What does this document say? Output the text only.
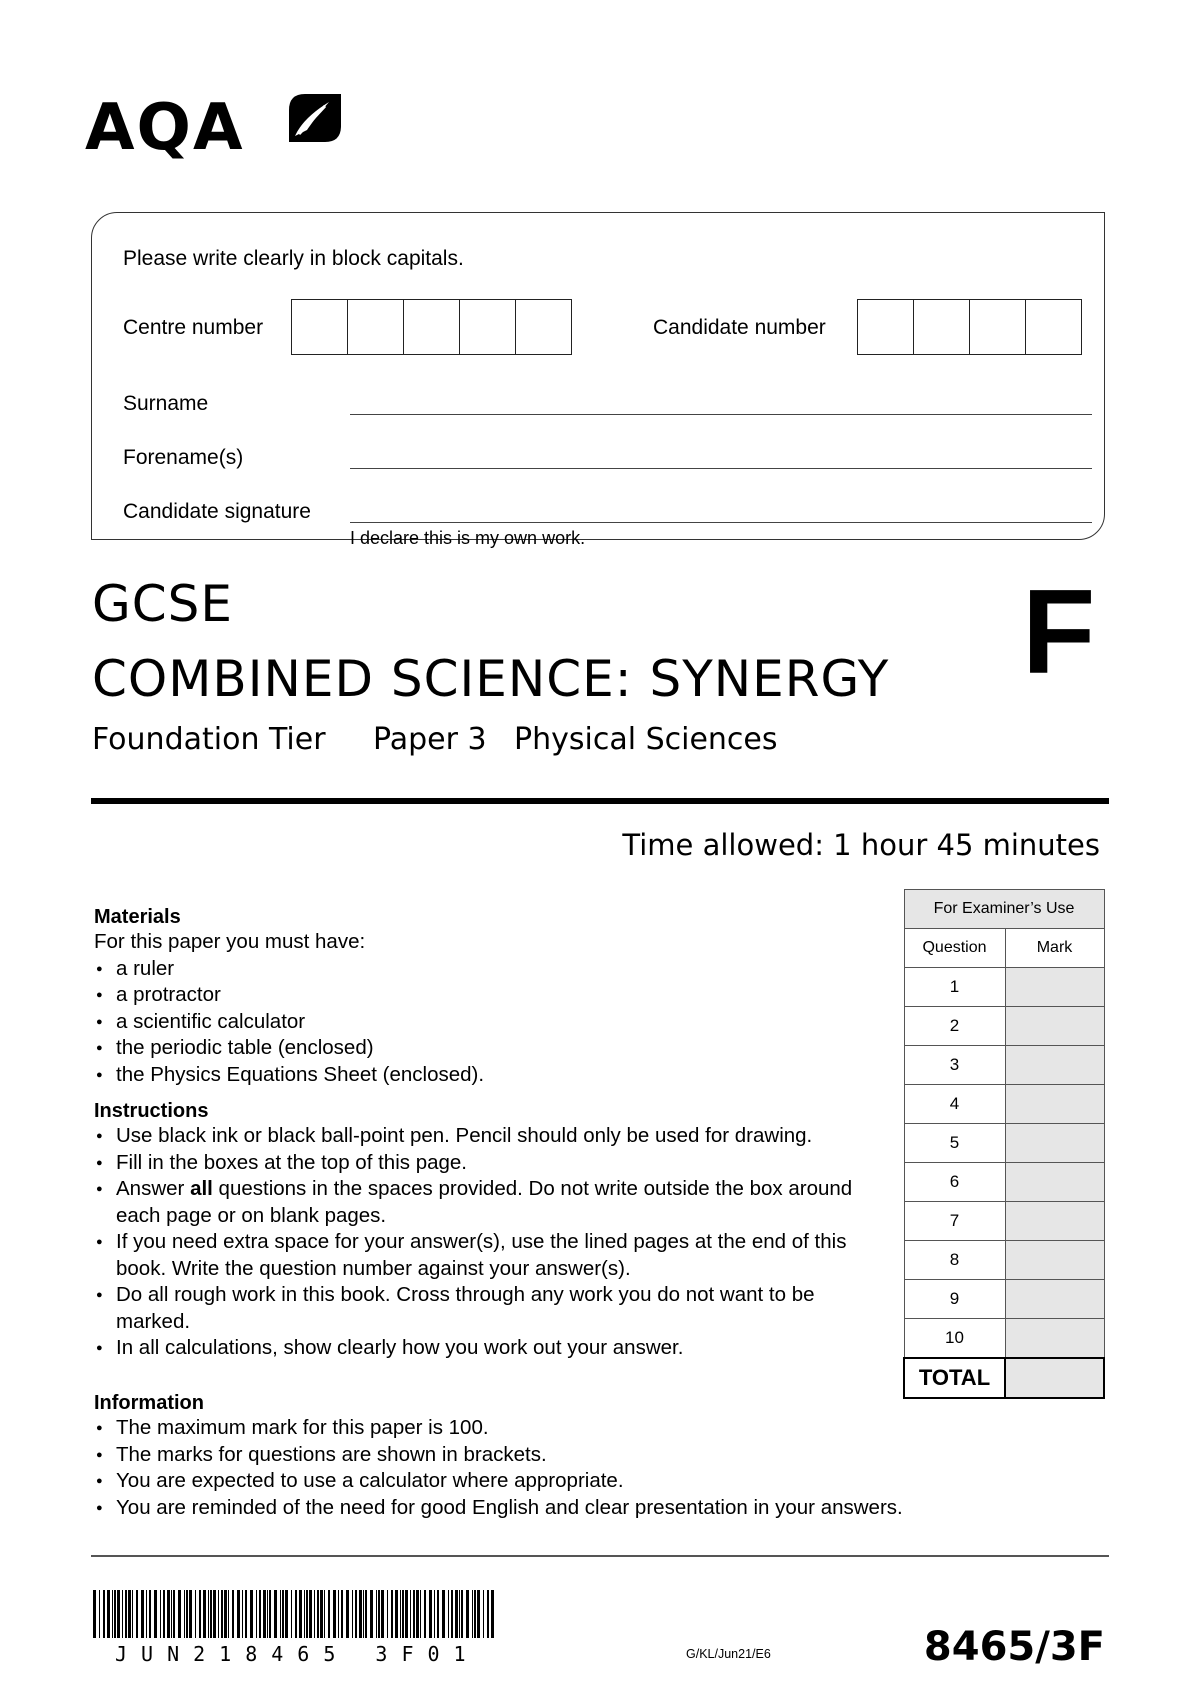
AQA
Please write clearly in block capitals.
Centre number	Candidate number
Surname
Forename(s)
Candidate signature
I declare this is my own work.
GCSE
COMBINED SCIENCE: SYNERGY F
Foundation Tier Paper 3 Physical Sciences
Time allowed: 1 hour 45 minutes
Materials
For this paper you must have:
● a ruler
● a protractor
● a scientific calculator
● the periodic table (enclosed)
● the Physics Equations Sheet (enclosed).
Instructions
● Use black ink or black ball-point pen. Pencil should only be used for drawing.
● Fill in the boxes at the top of this page.
● Answer all questions in the spaces provided. Do not write outside the box around each page or on blank pages.
● If you need extra space for your answer(s), use the lined pages at the end of this book. Write the question number against your answer(s).
● Do all rough work in this book. Cross through any work you do not want to be marked.
● In all calculations, show clearly how you work out your answer.
Information
● The maximum mark for this paper is 100.
● The marks for questions are shown in brackets.
● You are expected to use a calculator where appropriate.
● You are reminded of the need for good English and clear presentation in your answers.
For Examiner’s Use	
Question	Mark
1	
2	
3	
4	
5	
6	
7	
8	
9	
10	
TOTAL	
JUN218465 3F01	G/KL/Jun21/E6	8465/3F
